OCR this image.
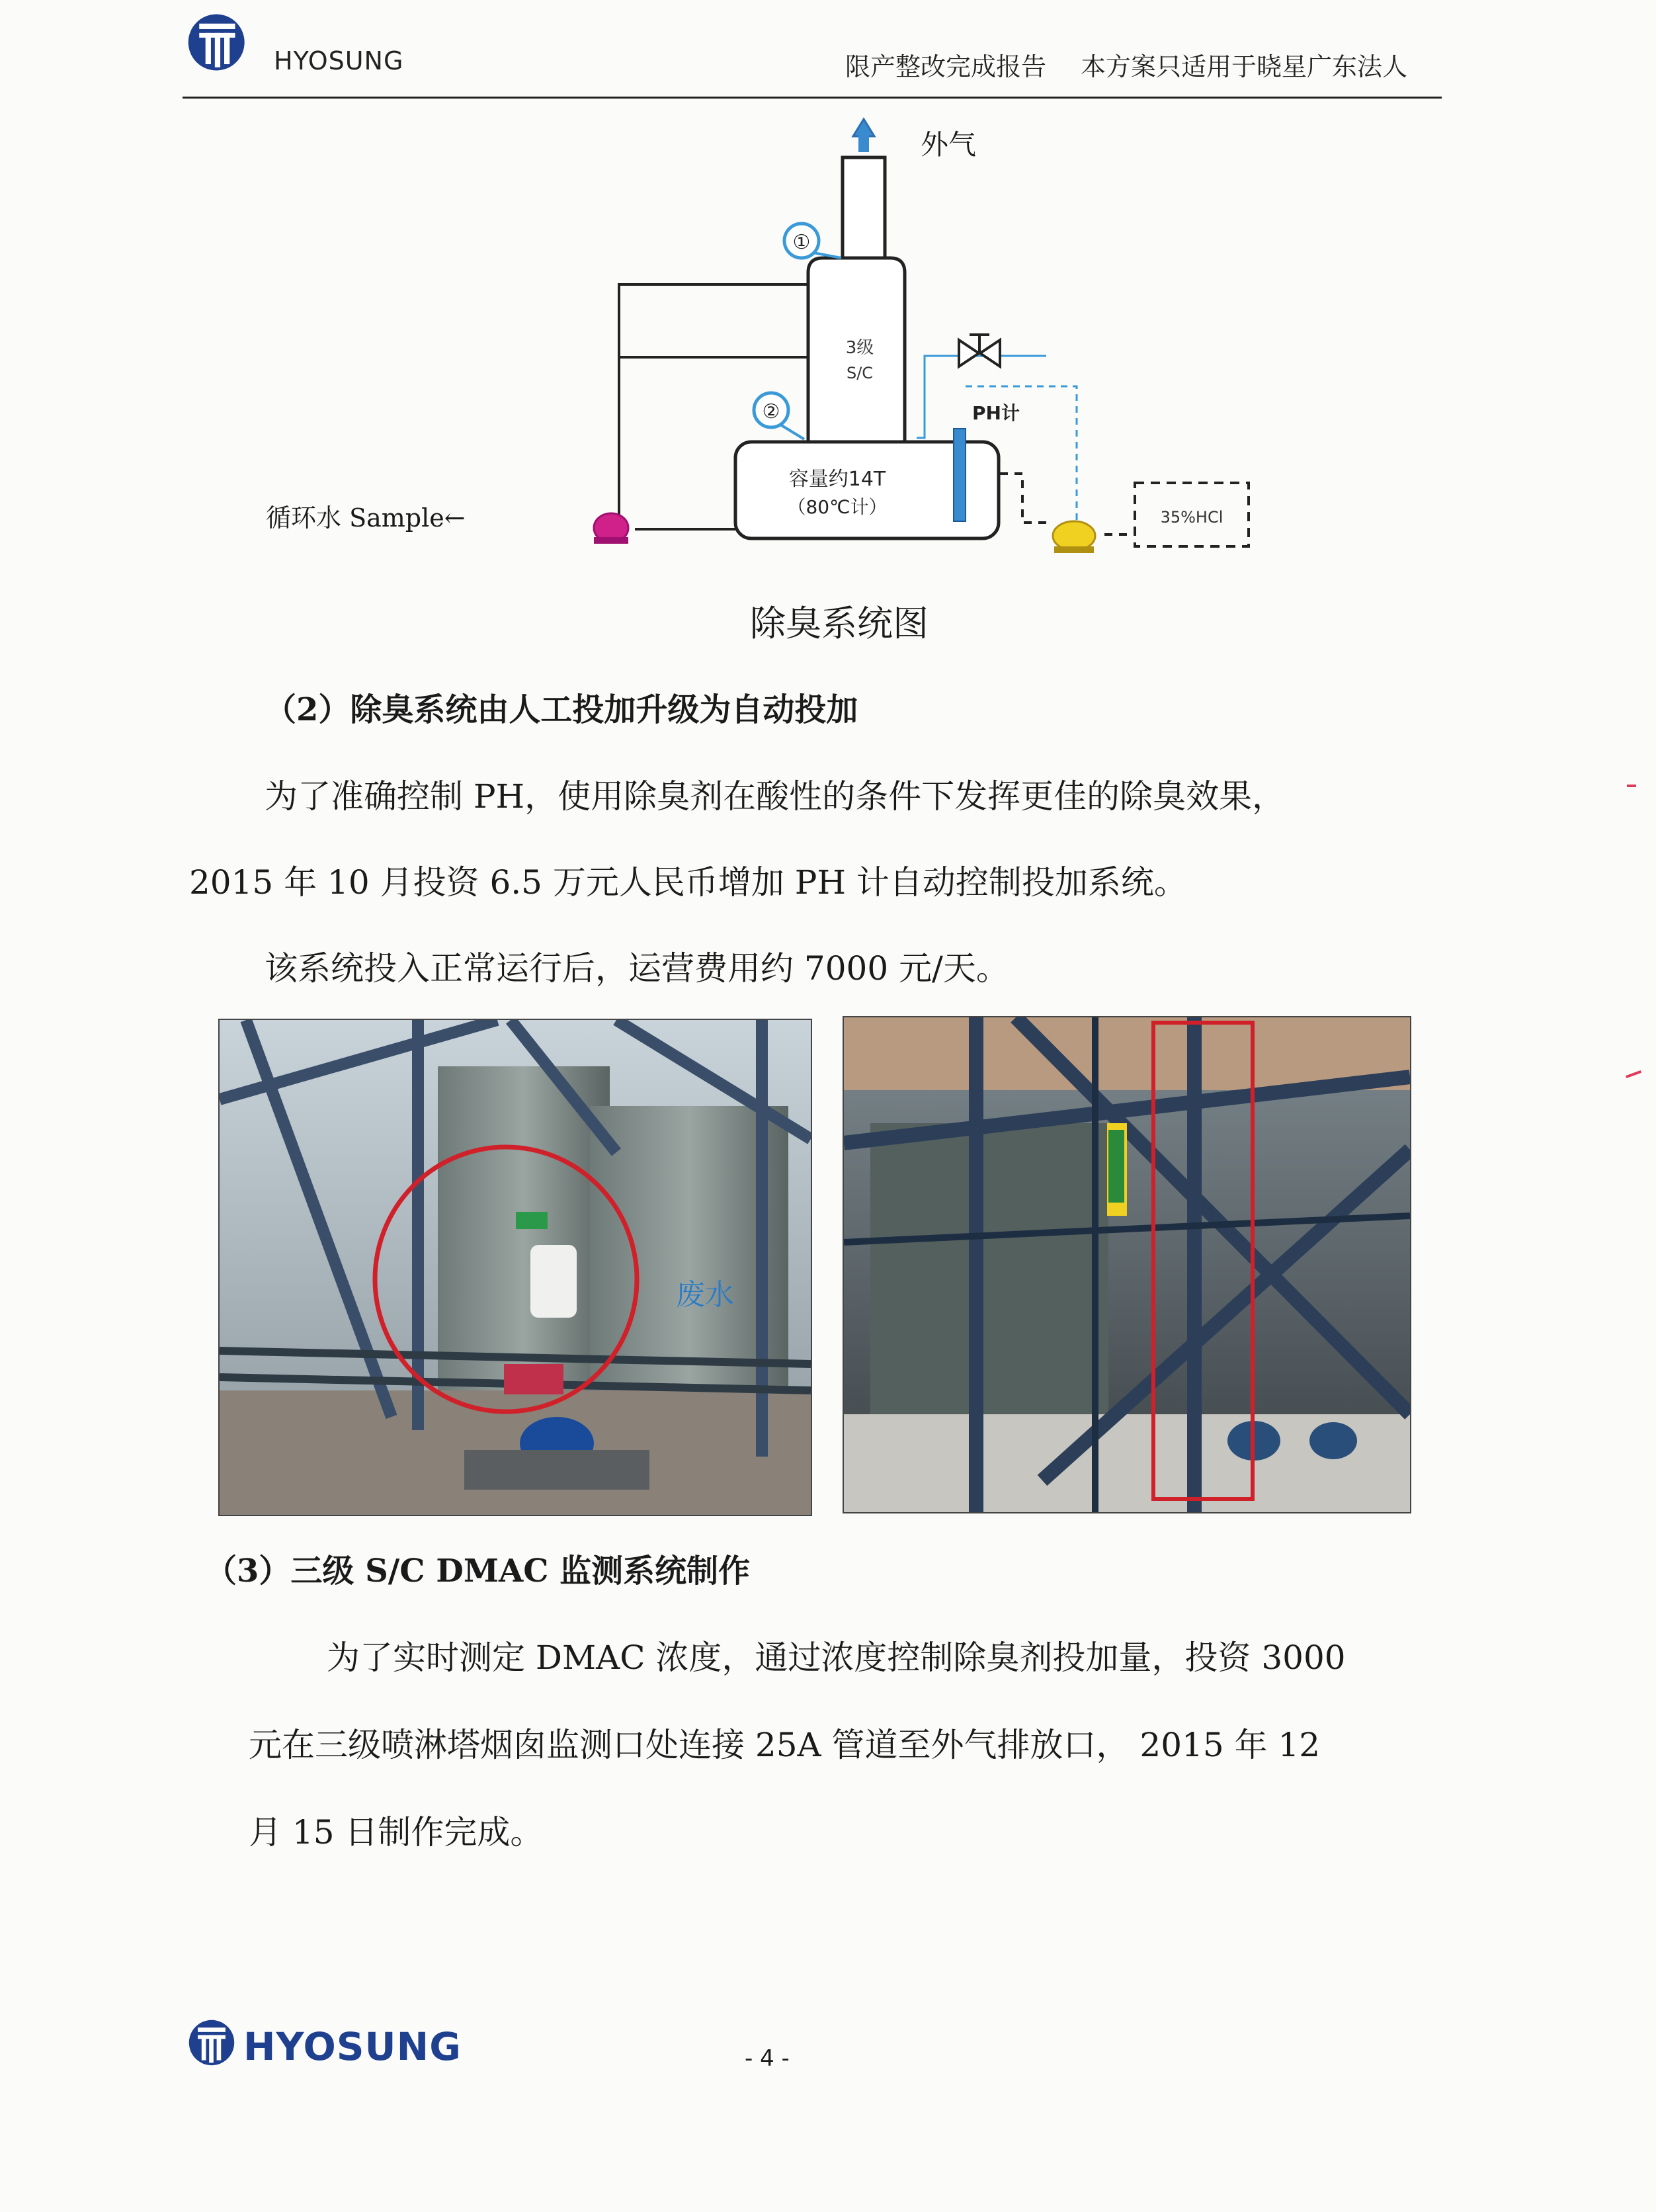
HYOSUNG	限产整改完成报告 本方案只适用于晓星广东法人
①
②
3级
S/C
容量约14T
（80℃计）
PH计
35%HCl
外气
循环水 Sample←
除臭系统图
（2）除臭系统由人工投加升级为自动投加
为了准确控制 PH，使用除臭剂在酸性的条件下发挥更佳的除臭效果，
2015 年 10 月投资 6.5 万元人民币增加 PH 计自动控制投加系统。
该系统投入正常运行后，运营费用约 7000 元/天。
废水
（3）三级 S/C DMAC 监测系统制作
为了实时测定 DMAC 浓度，通过浓度控制除臭剂投加量，投资 3000
元在三级喷淋塔烟囱监测口处连接 25A 管道至外气排放口， 2015 年 12
月 15 日制作完成。
HYOSUNG	- 4 -
